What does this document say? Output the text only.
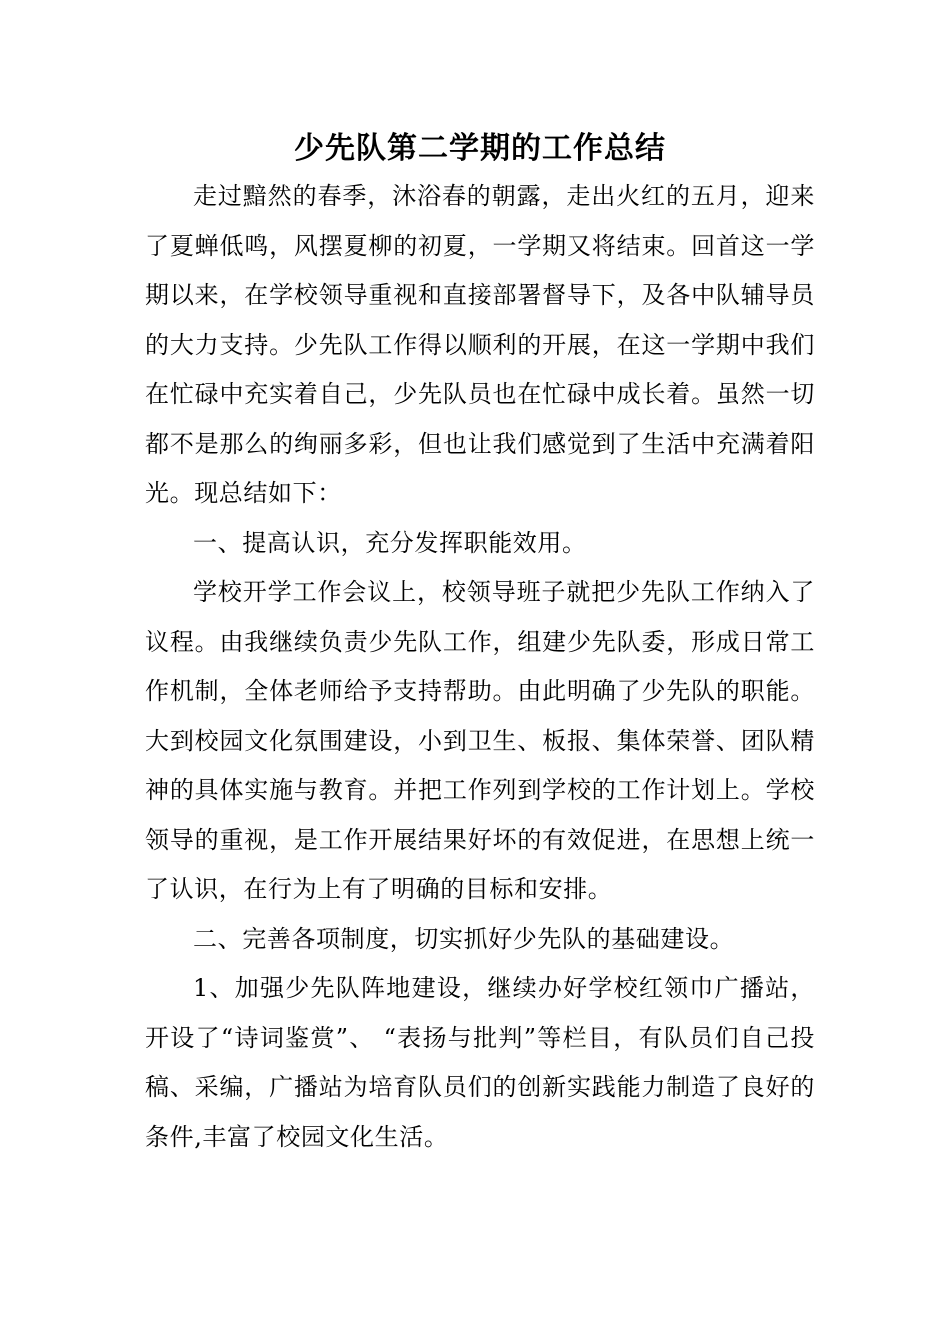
少先队第二学期的工作总结

走过黯然的春季，沐浴春的朝露，走出火红的五月，迎来了夏蝉低鸣，风摆夏柳的初夏，一学期又将结束。回首这一学期以来，在学校领导重视和直接部署督导下，及各中队辅导员的大力支持。少先队工作得以顺利的开展，在这一学期中我们在忙碌中充实着自己，少先队员也在忙碌中成长着。虽然一切都不是那么的绚丽多彩，但也让我们感觉到了生活中充满着阳光。现总结如下：

一、提高认识，充分发挥职能效用。

学校开学工作会议上，校领导班子就把少先队工作纳入了议程。由我继续负责少先队工作，组建少先队委，形成日常工作机制，全体老师给予支持帮助。由此明确了少先队的职能。大到校园文化氛围建设，小到卫生、板报、集体荣誉、团队精神的具体实施与教育。并把工作列到学校的工作计划上。学校领导的重视，是工作开展结果好坏的有效促进，在思想上统一了认识，在行为上有了明确的目标和安排。

二、完善各项制度，切实抓好少先队的基础建设。

1、加强少先队阵地建设，继续办好学校红领巾广播站，开设了“诗词鉴赏”、 “表扬与批判”等栏目，有队员们自己投稿、采编，广播站为培育队员们的创新实践能力制造了良好的条件,丰富了校园文化生活。
